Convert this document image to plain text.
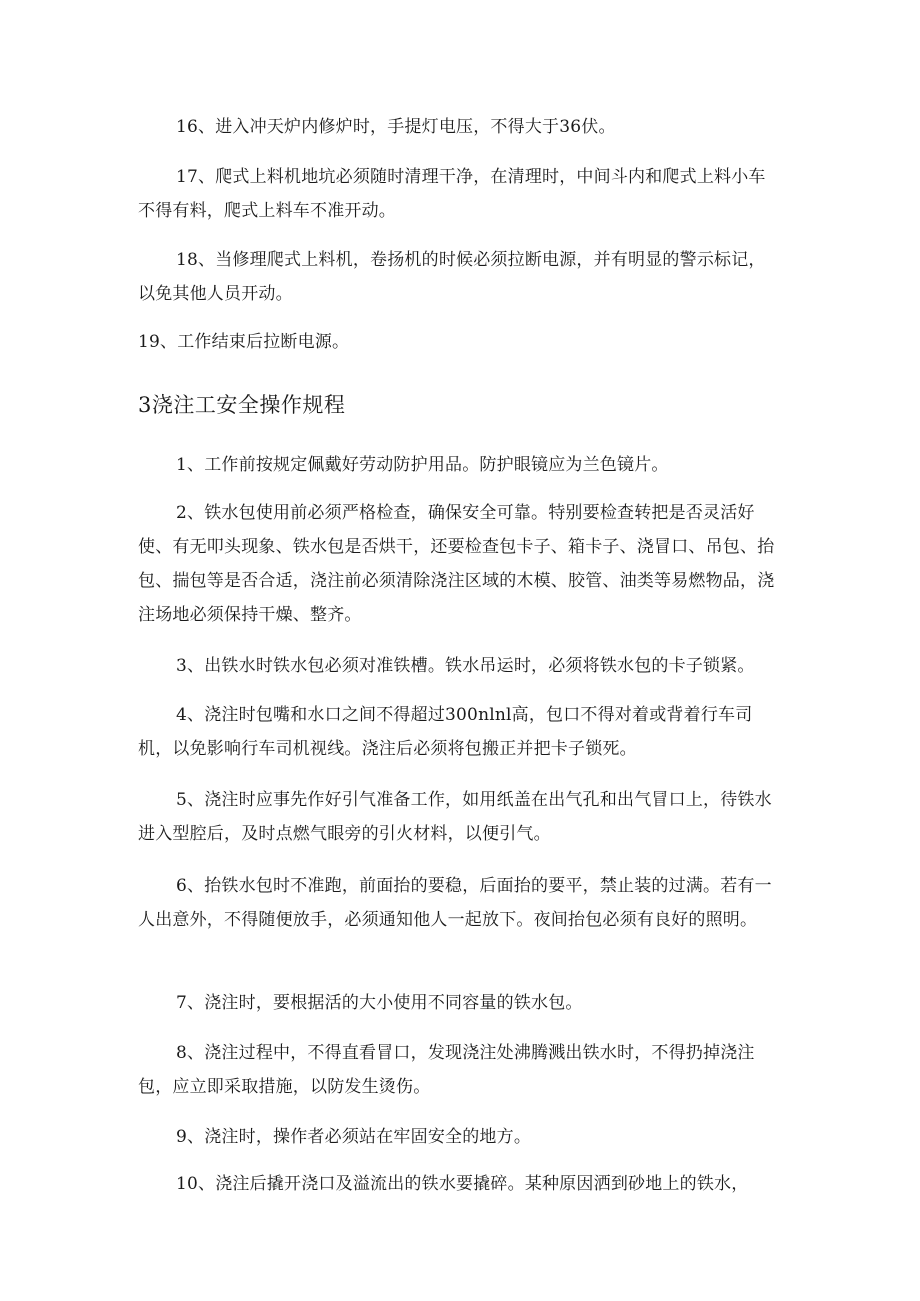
16、进入冲天炉内修炉时，手提灯电压，不得大于36伏。

17、爬式上料机地坑必须随时清理干净，在清理时，中间斗内和爬式上料小车不得有料，爬式上料车不准开动。

18、当修理爬式上料机，卷扬机的时候必须拉断电源，并有明显的警示标记，以免其他人员开动。

19、工作结束后拉断电源。

3浇注工安全操作规程

1、工作前按规定佩戴好劳动防护用品。防护眼镜应为兰色镜片。

2、铁水包使用前必须严格检查，确保安全可靠。特别要检查转把是否灵活好使、有无叩头现象、铁水包是否烘干，还要检查包卡子、箱卡子、浇冒口、吊包、抬包、揣包等是否合适，浇注前必须清除浇注区域的木模、胶管、油类等易燃物品，浇注场地必须保持干燥、整齐。

3、出铁水时铁水包必须对准铁槽。铁水吊运时，必须将铁水包的卡子锁紧。

4、浇注时包嘴和水口之间不得超过300nlnl高，包口不得对着或背着行车司机，以免影响行车司机视线。浇注后必须将包搬正并把卡子锁死。

5、浇注时应事先作好引气准备工作，如用纸盖在出气孔和出气冒口上，待铁水进入型腔后，及时点燃气眼旁的引火材料，以便引气。

6、抬铁水包时不准跑，前面抬的要稳，后面抬的要平，禁止装的过满。若有一人出意外，不得随便放手，必须通知他人一起放下。夜间抬包必须有良好的照明。

7、浇注时，要根据活的大小使用不同容量的铁水包。

8、浇注过程中，不得直看冒口，发现浇注处沸腾溅出铁水时，不得扔掉浇注包，应立即采取措施，以防发生烫伤。

9、浇注时，操作者必须站在牢固安全的地方。

10、浇注后撬开浇口及溢流出的铁水要撬碎。某种原因洒到砂地上的铁水，
